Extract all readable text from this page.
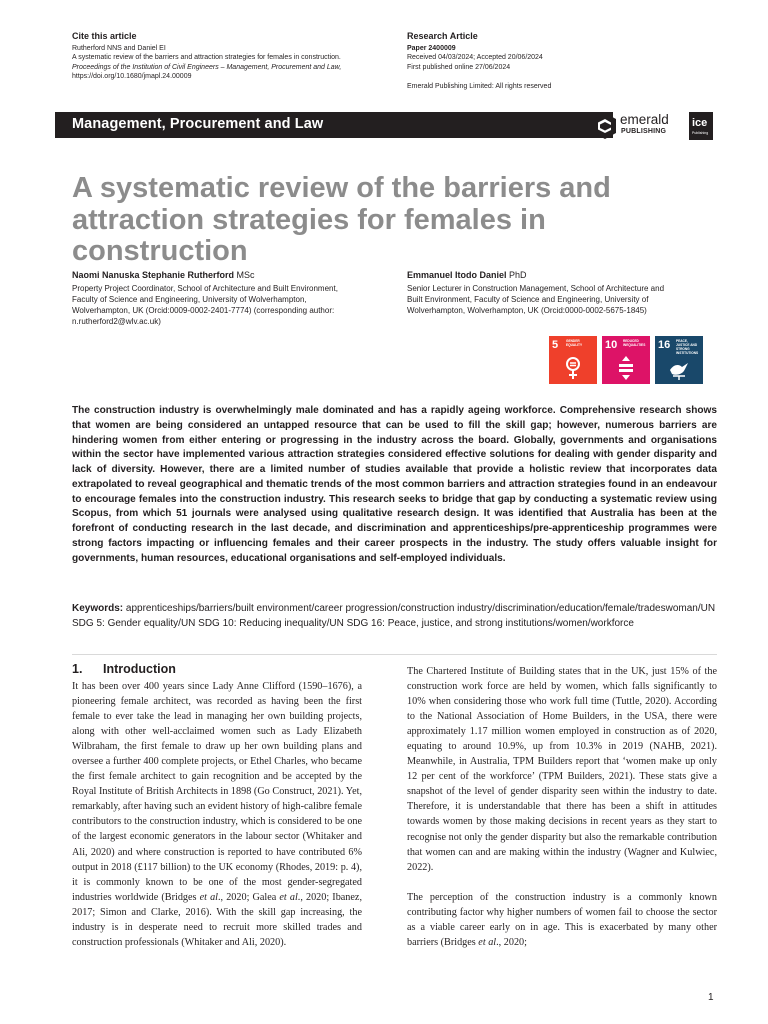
Cite this article
Rutherford NNS and Daniel EI
A systematic review of the barriers and attraction strategies for females in construction.
Proceedings of the Institution of Civil Engineers – Management, Procurement and Law,
https://doi.org/10.1680/jmapl.24.00009
Research Article
Paper 2400009
Received 04/03/2024; Accepted 20/06/2024
First published online 27/06/2024
Emerald Publishing Limited: All rights reserved
Management, Procurement and Law	emerald
PUBLISHING
ice
Publishing
A systematic review of the barriers and attraction strategies for females in construction
Naomi Nanuska Stephanie Rutherford MSc
Property Project Coordinator, School of Architecture and Built Environment,
Faculty of Science and Engineering, University of Wolverhampton,
Wolverhampton, UK (Orcid:0009-0002-2401-7774) (corresponding author:
n.rutherford2@wlv.ac.uk)
Emmanuel Itodo Daniel PhD
Senior Lecturer in Construction Management, School of Architecture and
Built Environment, Faculty of Science and Engineering, University of
Wolverhampton, Wolverhampton, UK (Orcid:0000-0002-5675-1845)
5 GENDER EQUALITY	10 REDUCED INEQUALITIES 16 PEACE, JUSTICE AND STRONG INSTITUTIONS
The construction industry is overwhelmingly male dominated and has a rapidly ageing workforce. Comprehensive research shows that women are being considered an untapped resource that can be used to fill the skill gap; however, numerous barriers are hindering women from either entering or progressing in the industry across the board. Globally, governments and organisations within the sector have implemented various attraction strategies considered effective solutions for dealing with gender disparity and lack of diversity. However, there are a limited number of studies available that provide a holistic review that incorporates data extrapolated to reveal geographical and thematic trends of the most common barriers and attraction strategies found in an endeavour to encourage females into the construction industry. This research seeks to bridge that gap by conducting a systematic review using Scopus, from which 51 journals were analysed using qualitative research design. It was identified that Australia has been at the forefront of conducting research in the last decade, and discrimination and apprenticeships/pre-apprenticeship programmes were strong factors impacting or influencing females and their career prospects in the industry. The study offers valuable insight for governments, human resources, educational organisations and self-employed individuals.
Keywords: apprenticeships/barriers/built environment/career progression/construction industry/discrimination/education/female/tradeswoman/UN SDG 5: Gender equality/UN SDG 10: Reducing inequality/UN SDG 16: Peace, justice, and strong institutions/women/workforce
1. Introduction
It has been over 400 years since Lady Anne Clifford (1590–1676), a pioneering female architect, was recorded as having been the first female to ever take the lead in managing her own building projects, along with other well-acclaimed women such as Lady Elizabeth Wilbraham, the first female to draw up her own building plans and oversee a further 400 complete projects, or Ethel Charles, who became the first female architect to gain recognition and be accepted by the Royal Institute of British Architects in 1898 (Go Construct, 2021). Yet, remarkably, after having such an evident history of high-calibre female contributors to the construction industry, which is considered to be one of the largest economic generators in the labour sector (Whitaker and Ali, 2020) and where construction is reported to have contributed 6% output in 2018 (£117 billion) to the UK economy (Rhodes, 2019: p. 4), it is commonly known to be one of the most gender-segregated industries worldwide (Bridges et al., 2020; Galea et al., 2020; Ibanez, 2017; Simon and Clarke, 2016). With the skill gap increasing, the industry is in desperate need to recruit more skilled trades and construction professionals (Whitaker and Ali, 2020).
The Chartered Institute of Building states that in the UK, just 15% of the construction work force are held by women, which falls significantly to 10% when considering those who work full time (Tuttle, 2020). According to the National Association of Home Builders, in the USA, there were approximately 1.17 million women employed in construction as of 2020, equating to around 10.9%, up from 10.3% in 2019 (NAHB, 2021). Meanwhile, in Australia, TPM Builders report that ‘women make up only 12 per cent of the workforce’ (TPM Builders, 2021). These stats give a snapshot of the level of gender disparity seen within the industry to date. Therefore, it is understandable that there has been a shift in attitudes towards women by those making decisions in recent years as they start to recognise not only the gender disparity but also the remarkable contribution that women can and are making within the industry (Wagner and Kulwiec, 2022).
The perception of the construction industry is a commonly known contributing factor why higher numbers of women fail to choose the sector as a viable career early on in age. This is exacerbated by many other barriers (Bridges et al., 2020;
1
